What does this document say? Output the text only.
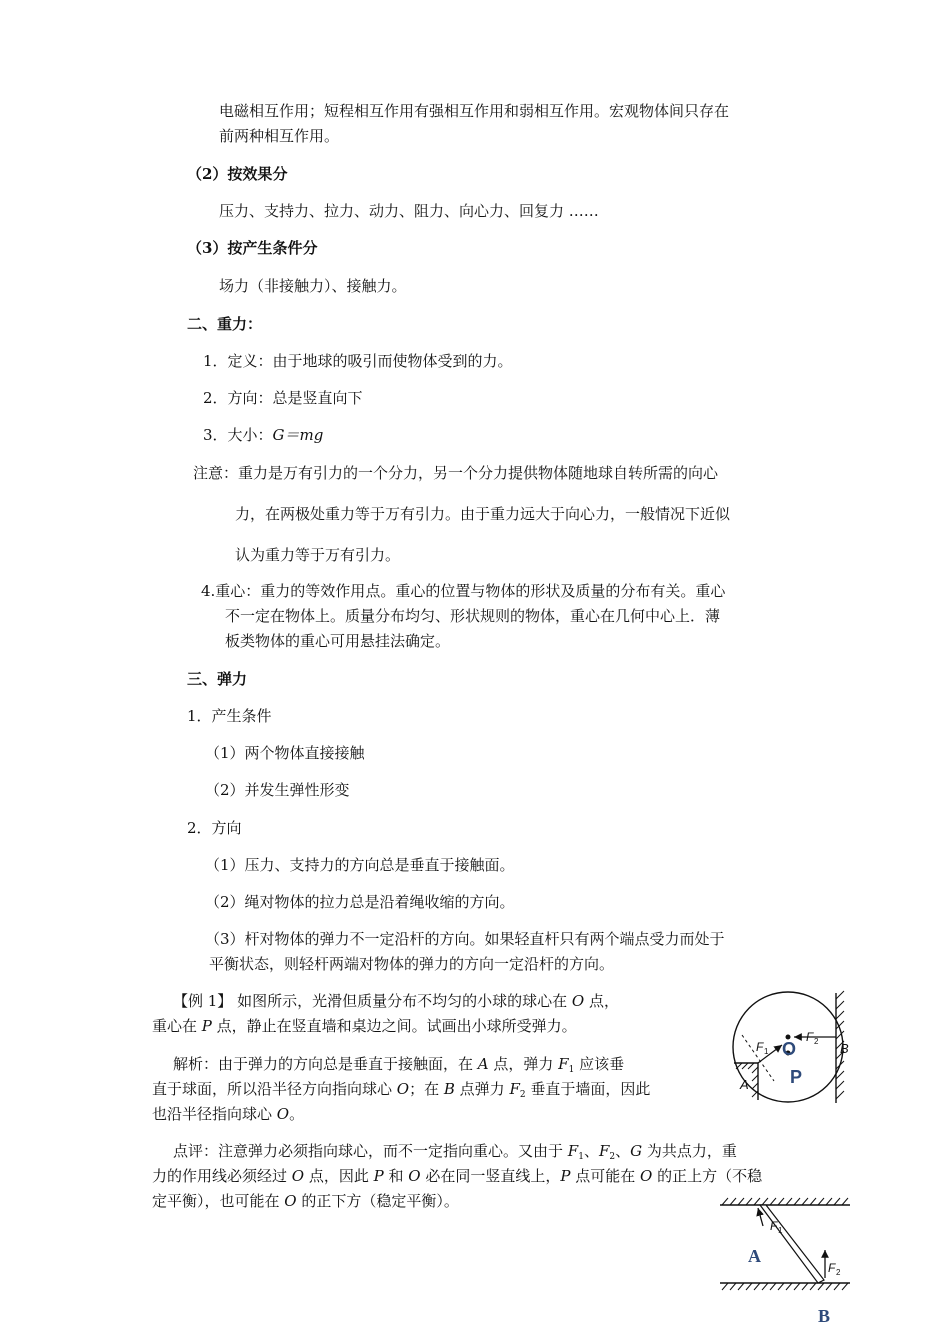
电磁相互作用；短程相互作用有强相互作用和弱相互作用。宏观物体间只存在
前两种相互作用。
（2）按效果分
压力、支持力、拉力、动力、阻力、向心力、回复力 ……
（3）按产生条件分
场力（非接触力）、接触力。
二、重力：
1．定义：由于地球的吸引而使物体受到的力。
2．方向：总是竖直向下
3．大小：G＝mg
注意：重力是万有引力的一个分力，另一个分力提供物体随地球自转所需的向心
力，在两极处重力等于万有引力。由于重力远大于向心力，一般情况下近似
认为重力等于万有引力。
4.重心：重力的等效作用点。重心的位置与物体的形状及质量的分布有关。重心
不一定在物体上。质量分布均匀、形状规则的物体，重心在几何中心上．薄
板类物体的重心可用悬挂法确定。
三、弹力
1．产生条件
（1）两个物体直接接触
（2）并发生弹性形变
2．方向
（1）压力、支持力的方向总是垂直于接触面。
（2）绳对物体的拉力总是沿着绳收缩的方向。
（3）杆对物体的弹力不一定沿杆的方向。如果轻直杆只有两个端点受力而处于
平衡状态，则轻杆两端对物体的弹力的方向一定沿杆的方向。
【例 1】 如图所示，光滑但质量分布不均匀的小球的球心在 O 点，
重心在 P 点，静止在竖直墙和桌边之间。试画出小球所受弹力。
解析：由于弹力的方向总是垂直于接触面，在 A 点，弹力 $F_1$ 应该垂
直于球面，所以沿半径方向指向球心 O；在 B 点弹力 $F_2$ 垂直于墙面，因此
也沿半径指向球心 O。
点评：注意弹力必须指向球心，而不一定指向重心。又由于 $F_1$、$F_2$、G 为共点力，重
力的作用线必须经过 O 点，因此 P 和 O 必在同一竖直线上，P 点可能在 O 的正上方（不稳
定平衡），也可能在 O 的正下方（稳定平衡）。
O
P
A
B
F 1
F 2
F 1
F 2
A
B
